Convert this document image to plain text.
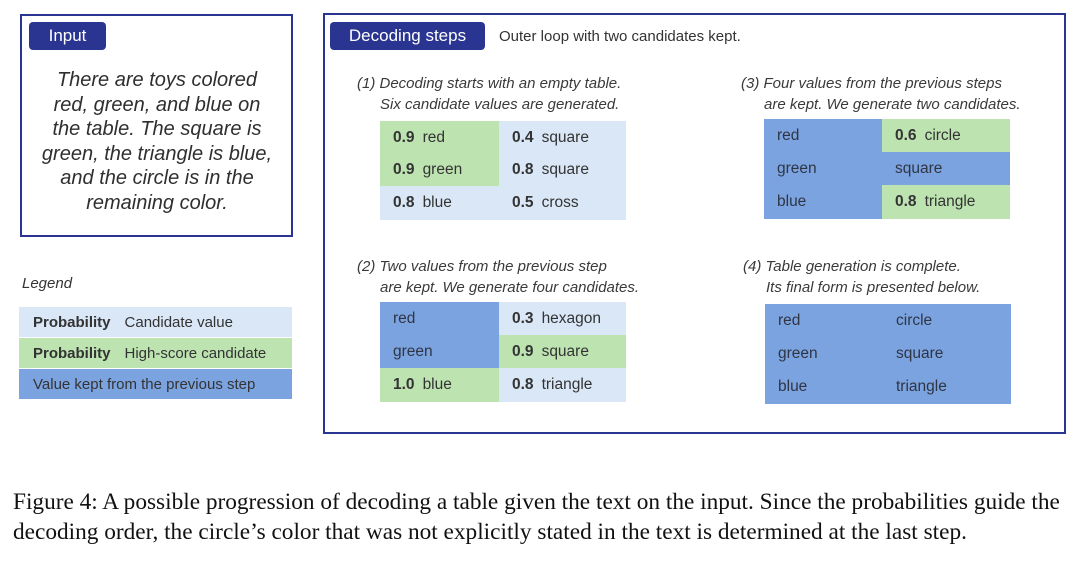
Input
There are toys colored
red, green, and blue on
the table. The square is
green, the triangle is blue,
and the circle is in the
remaining color.
Legend
Probability Candidate value
Probability High-score candidate
Value kept from the previous step
Decoding steps	Outer loop with two candidates kept.
(1) Decoding starts with an empty table.
Six candidate values are generated.
(2) Two values from the previous step
are kept. We generate four candidates.
(3) Four values from the previous steps
are kept. We generate two candidates.
(4) Table generation is complete.
Its final form is presented below.
0.9 red	0.4 square
0.9 green	0.8 square
0.8 blue	0.5 cross
red	0.3 hexagon
green	0.9 square
1.0 blue	0.8 triangle
red	0.6 circle
green	square
blue	0.8 triangle
red	circle
green	square
blue	triangle
Figure 4: A possible progression of decoding a table given the text on the input. Since the probabilities guide the decoding order, the circle’s color that was not explicitly stated in the text is determined at the last step.
